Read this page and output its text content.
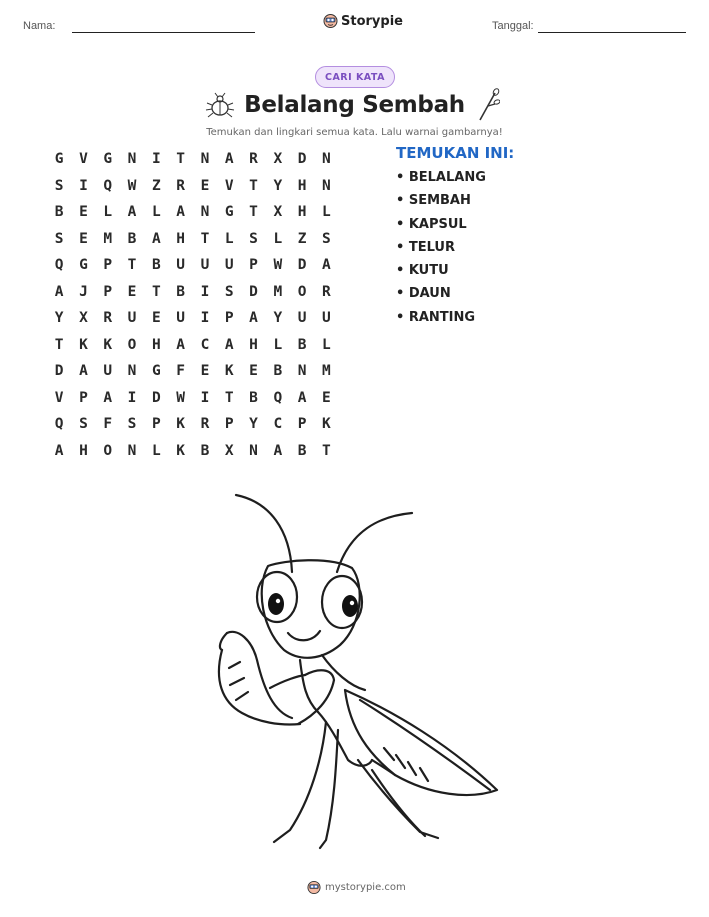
Nama:	Storypie	Tanggal:
CARI KATA
Belalang Sembah
Temukan dan lingkari semua kata. Lalu warnai gambarnya!
G	V	G	N	I	T	N	A	R	X	D	N
S	I	Q	W	Z	R	E	V	T	Y	H	N
B	E	L	A	L	A	N	G	T	X	H	L
S	E	M	B	A	H	T	L	S	L	Z	S
Q	G	P	T	B	U	U	U	P	W	D	A
A	J	P	E	T	B	I	S	D	M	O	R
Y	X	R	U	E	U	I	P	A	Y	U	U
T	K	K	O	H	A	C	A	H	L	B	L
D	A	U	N	G	F	E	K	E	B	N	M
V	P	A	I	D	W	I	T	B	Q	A	E
Q	S	F	S	P	K	R	P	Y	C	P	K
A	H	O	N	L	K	B	X	N	A	B	T
TEMUKAN INI:
• BELALANG
• SEMBAH
• KAPSUL
• TELUR
• KUTU
• DAUN
• RANTING
mystorypie.com
